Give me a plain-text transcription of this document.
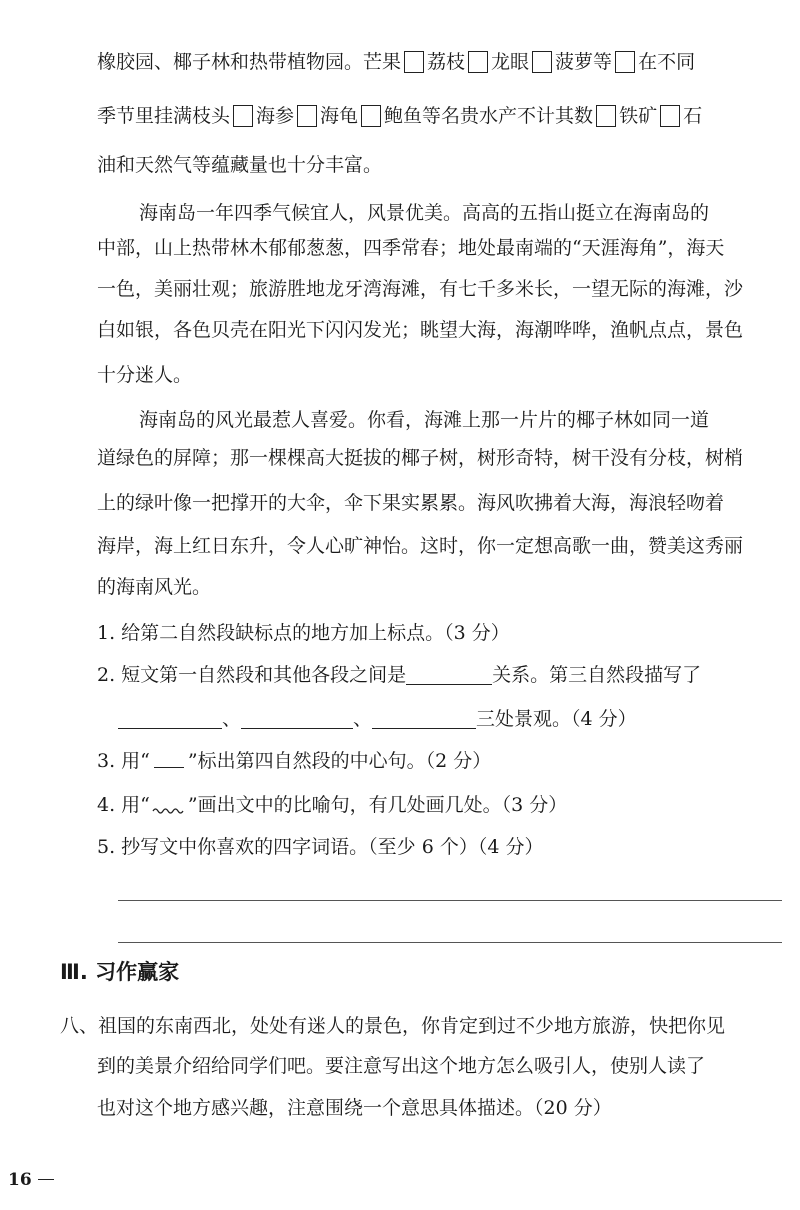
橡胶园、椰子林和热带植物园。芒果 荔枝 龙眼 菠萝等 在不同
季节里挂满枝头 海参 海龟 鲍鱼等名贵水产不计其数 铁矿 石
油和天然气等蕴藏量也十分丰富。
海南岛一年四季气候宜人，风景优美。高高的五指山挺立在海南岛的
中部，山上热带林木郁郁葱葱，四季常春；地处最南端的“天涯海角”，海天
一色，美丽壮观；旅游胜地龙牙湾海滩，有七千多米长，一望无际的海滩，沙
白如银，各色贝壳在阳光下闪闪发光；眺望大海，海潮哗哗，渔帆点点，景色
十分迷人。
海南岛的风光最惹人喜爱。你看，海滩上那一片片的椰子林如同一道
道绿色的屏障；那一棵棵高大挺拔的椰子树，树形奇特，树干没有分枝，树梢
上的绿叶像一把撑开的大伞，伞下果实累累。海风吹拂着大海，海浪轻吻着
海岸，海上红日东升，令人心旷神怡。这时，你一定想高歌一曲，赞美这秀丽
的海南风光。
1. 给第二自然段缺标点的地方加上标点。（3 分）
2. 短文第一自然段和其他各段之间是	关系。第三自然段描写了
、	、	三处景观。（4 分）
3. 用“ ”标出第四自然段的中心句。（2 分）
4. 用“ ”画出文中的比喻句，有几处画几处。（3 分）
5. 抄写文中你喜欢的四字词语。（至少 6 个）（4 分）
Ⅲ. 习作赢家
八、祖国的东南西北，处处有迷人的景色，你肯定到过不少地方旅游，快把你见
到的美景介绍给同学们吧。要注意写出这个地方怎么吸引人，使别人读了
也对这个地方感兴趣，注意围绕一个意思具体描述。（20 分）
16
